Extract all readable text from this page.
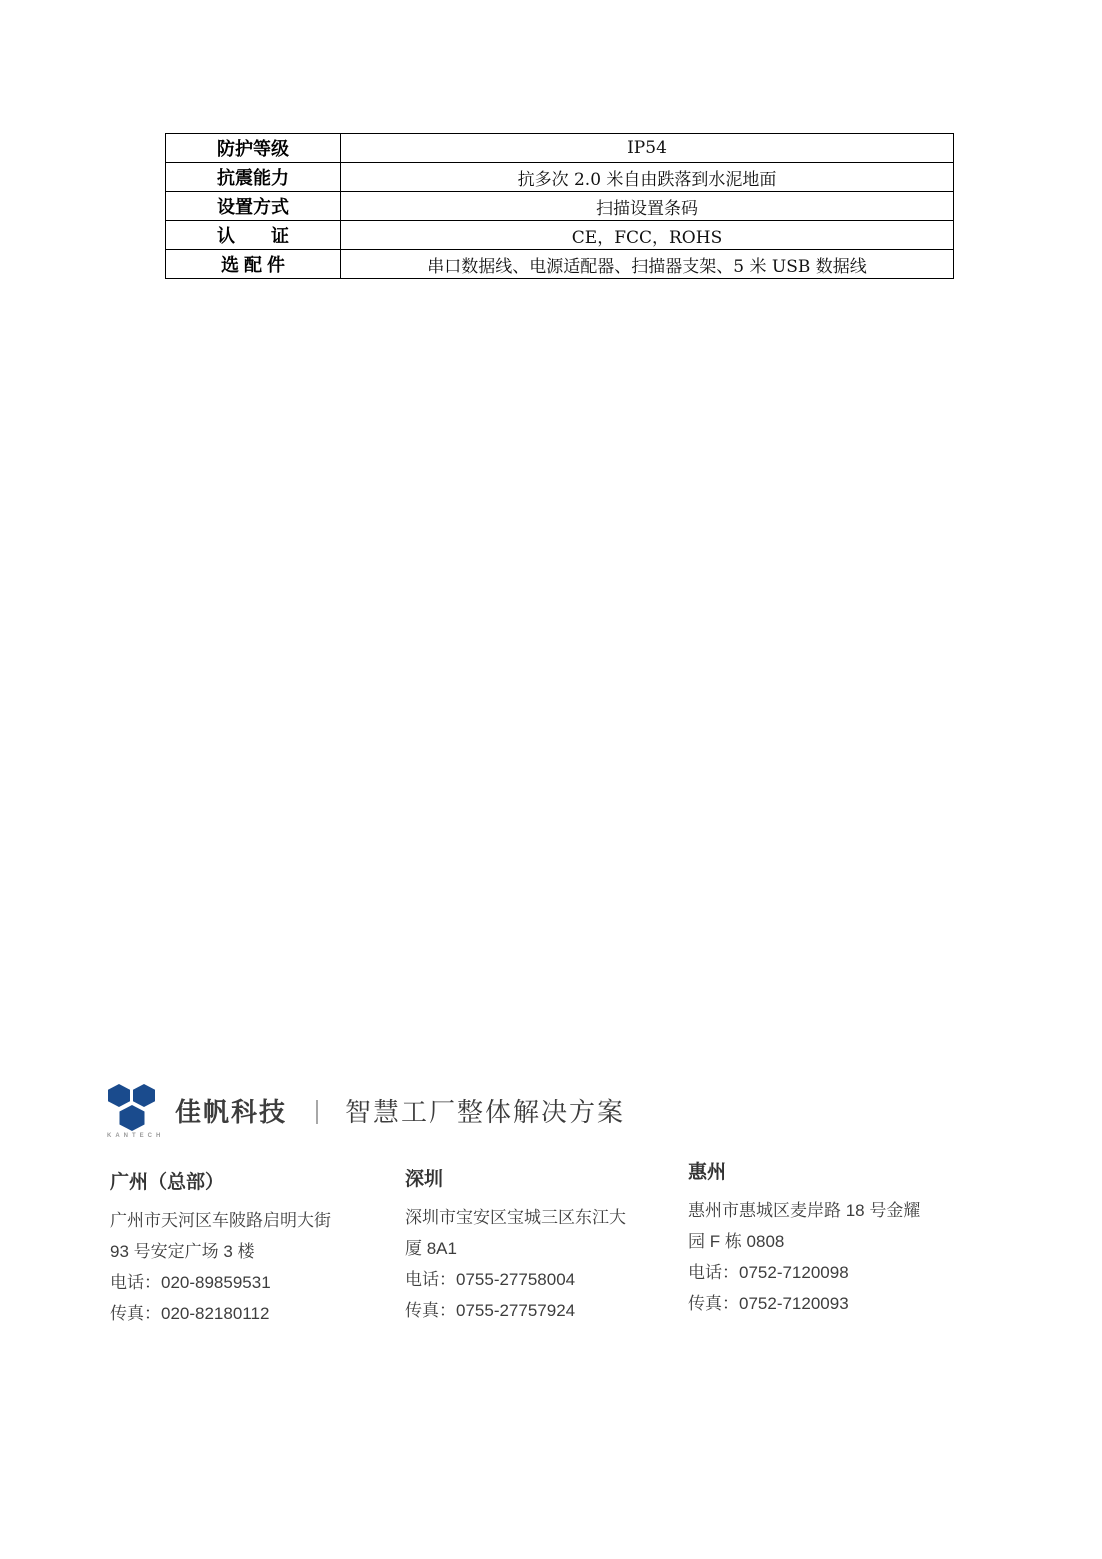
防护等级	IP54
抗震能力	抗多次 2.0 米自由跌落到水泥地面
设置方式	扫描设置条码
认　　证	CE，FCC，ROHS
选 配 件	串口数据线、电源适配器、扫描器支架、5 米 USB 数据线
佳帆科技 ｜ 智慧工厂整体解决方案
KANTECH
广州（总部）
广州市天河区车陂路启明大街
93 号安定广场 3 楼
电话：020-89859531
传真：020-82180112
深圳
深圳市宝安区宝城三区东江大
厦 8A1
电话：0755-27758004
传真：0755-27757924
惠州
惠州市惠城区麦岸路 18 号金耀
园 F 栋 0808
电话：0752-7120098
传真：0752-7120093
